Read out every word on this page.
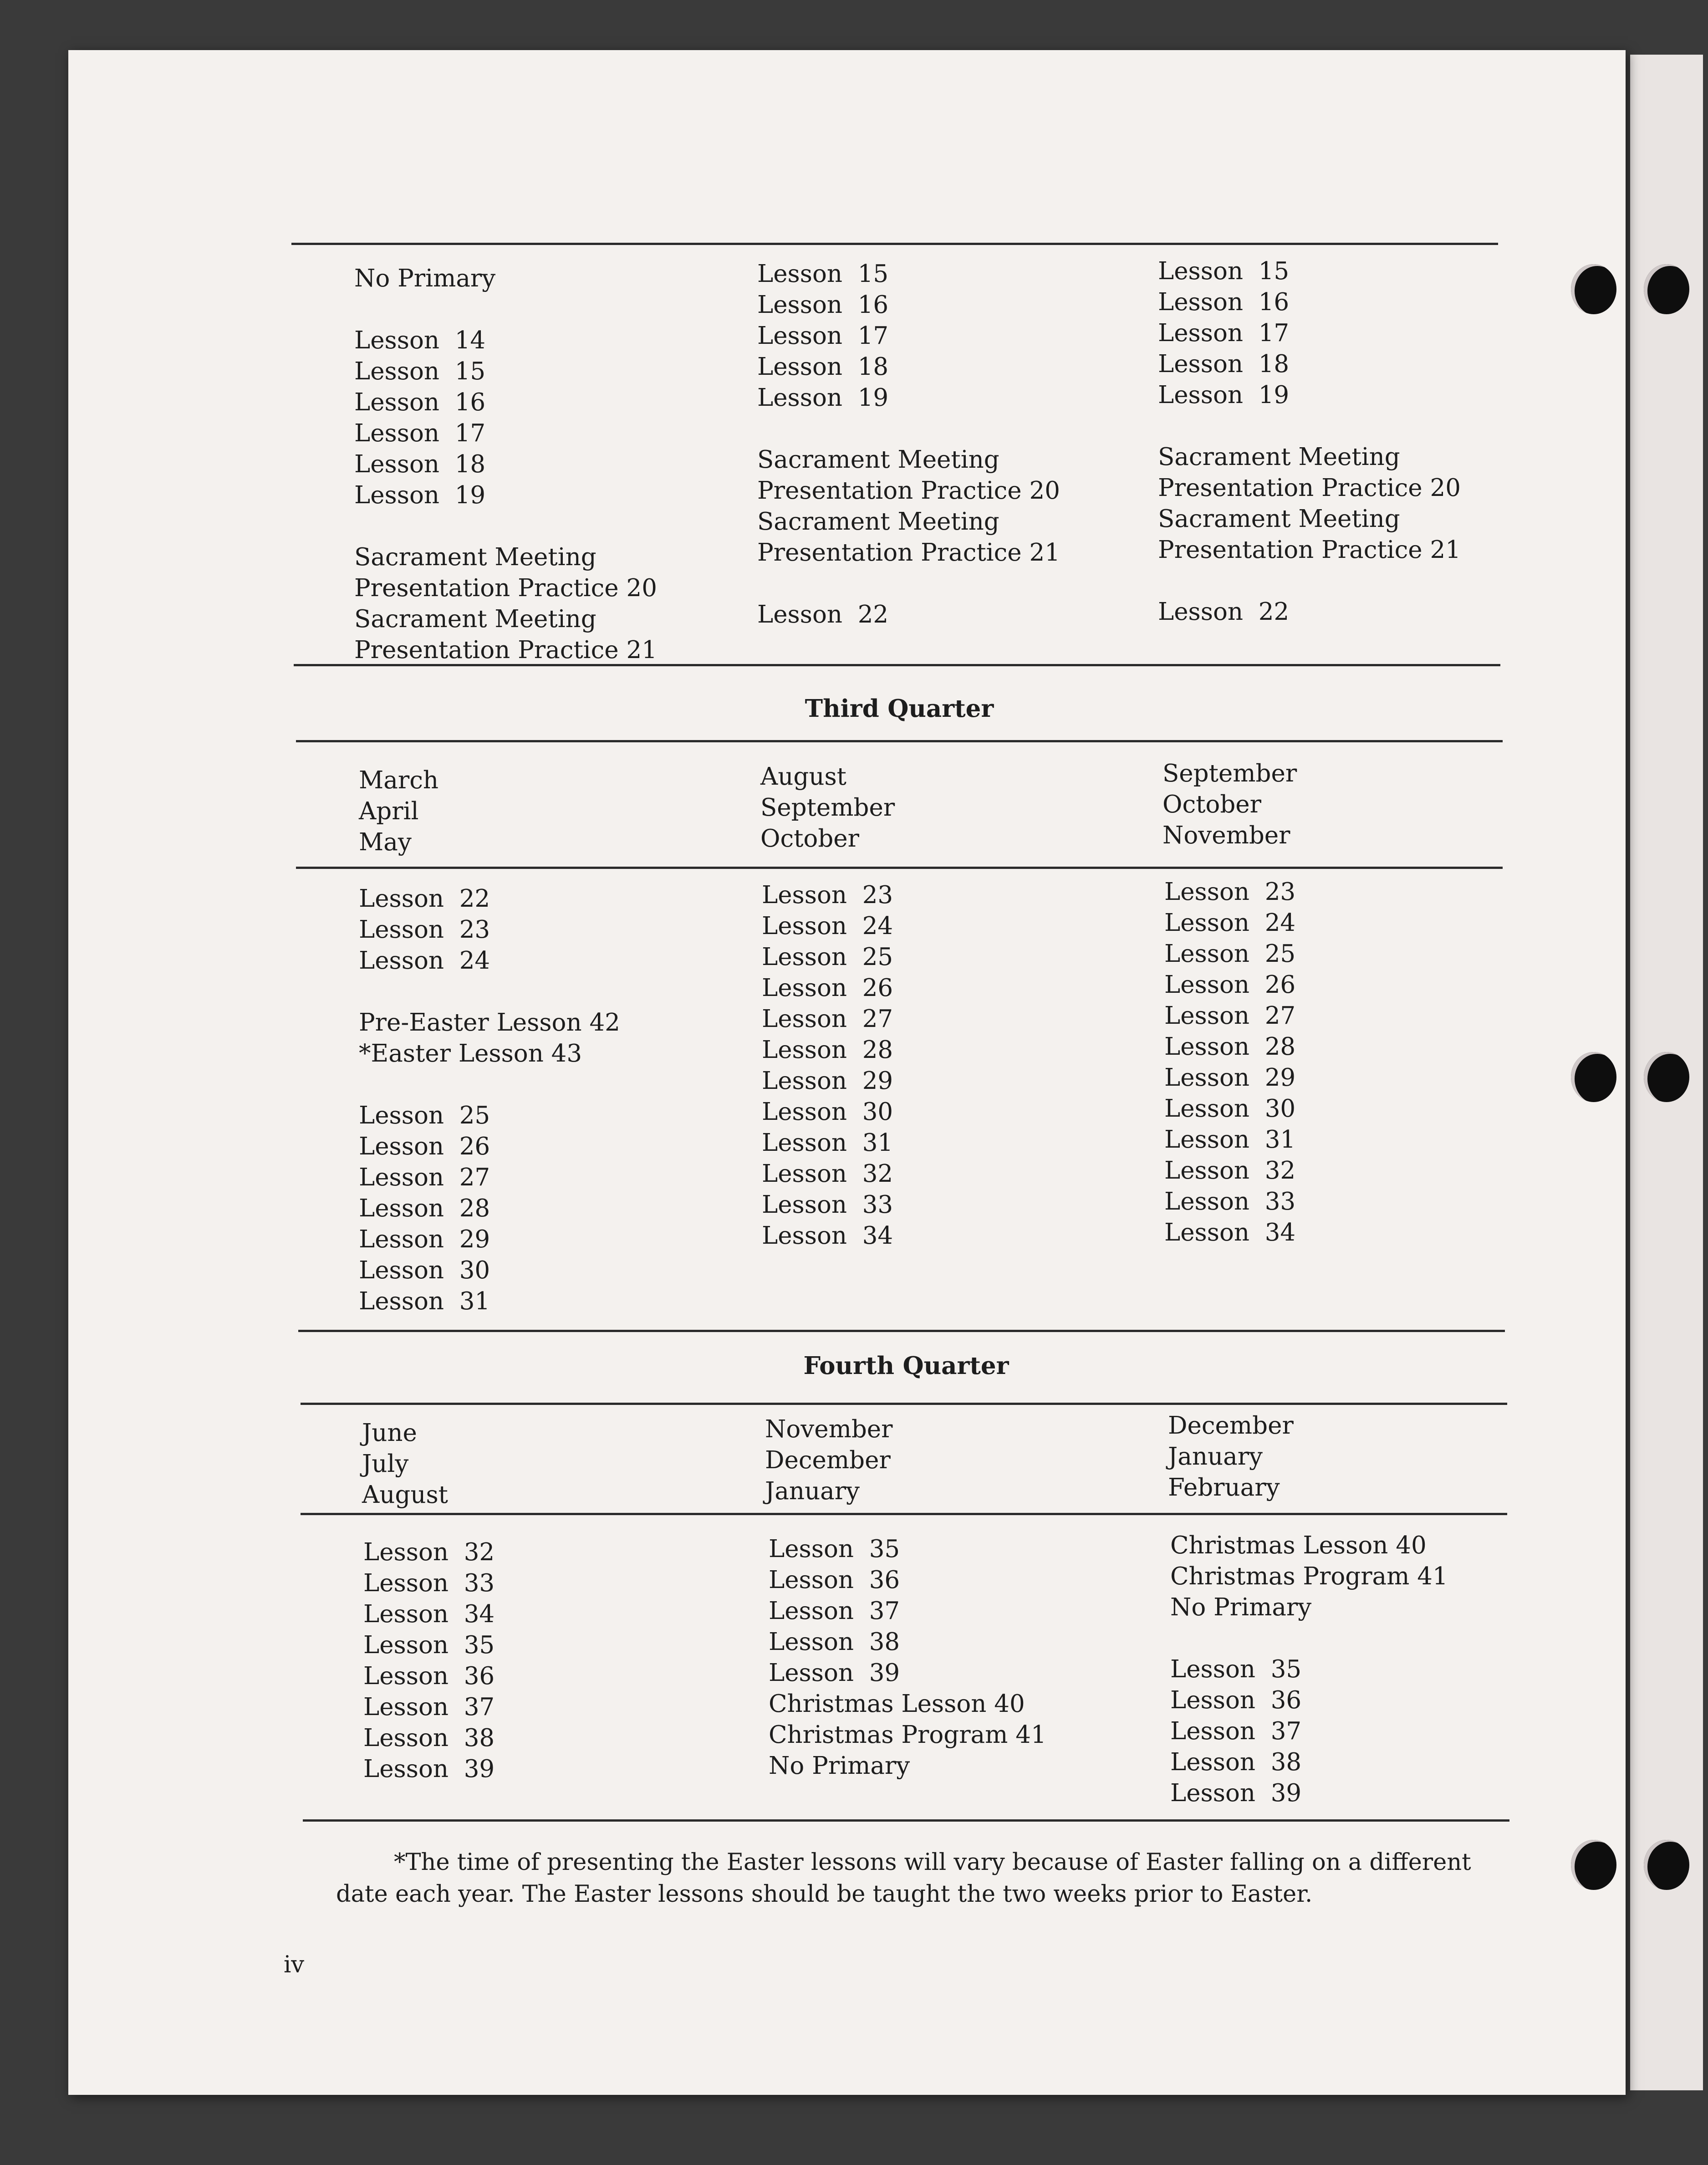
No Primary
Lesson  14
Lesson  15
Lesson  16
Lesson  17
Lesson  18
Lesson  19
Sacrament Meeting
Presentation Practice 20
Sacrament Meeting
Presentation Practice 21
Lesson  15
Lesson  16
Lesson  17
Lesson  18
Lesson  19
Sacrament Meeting
Presentation Practice 20
Sacrament Meeting
Presentation Practice 21
Lesson  22
Lesson  15
Lesson  16
Lesson  17
Lesson  18
Lesson  19
Sacrament Meeting
Presentation Practice 20
Sacrament Meeting
Presentation Practice 21
Lesson  22
Third Quarter
March
April
May
August
September
October
September
October
November
Lesson  22
Lesson  23
Lesson  24
Pre-Easter Lesson 42
*Easter Lesson 43
Lesson  25
Lesson  26
Lesson  27
Lesson  28
Lesson  29
Lesson  30
Lesson  31
Lesson  23
Lesson  24
Lesson  25
Lesson  26
Lesson  27
Lesson  28
Lesson  29
Lesson  30
Lesson  31
Lesson  32
Lesson  33
Lesson  34
Lesson  23
Lesson  24
Lesson  25
Lesson  26
Lesson  27
Lesson  28
Lesson  29
Lesson  30
Lesson  31
Lesson  32
Lesson  33
Lesson  34
Fourth Quarter
June
July
August
November
December
January
December
January
February
Lesson  32
Lesson  33
Lesson  34
Lesson  35
Lesson  36
Lesson  37
Lesson  38
Lesson  39
Lesson  35
Lesson  36
Lesson  37
Lesson  38
Lesson  39
Christmas Lesson 40
Christmas Program 41
No Primary
Christmas Lesson 40
Christmas Program 41
No Primary
Lesson  35
Lesson  36
Lesson  37
Lesson  38
Lesson  39
*The time of presenting the Easter lessons will vary because of Easter falling on a different
date each year. The Easter lessons should be taught the two weeks prior to Easter.
iv
